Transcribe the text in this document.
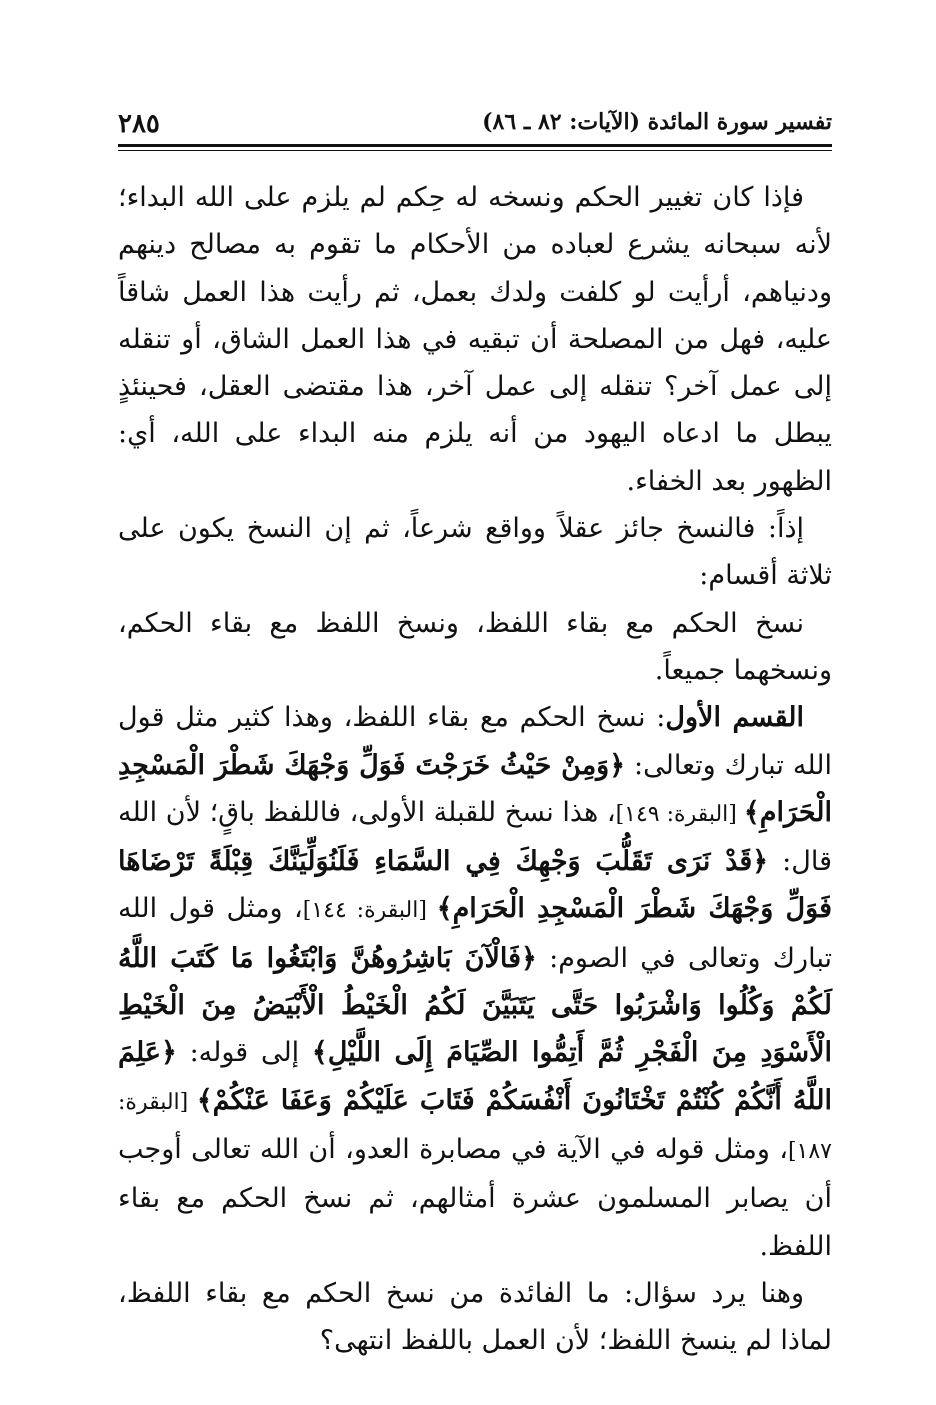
٢٨٥	تفسير سورة المائدة (الآيات: ٨٢ ـ ٨٦)

فإذا كان تغيير الحكم ونسخه له حِكم لم يلزم على الله البداء؛ لأنه سبحانه يشرع لعباده من الأحكام ما تقوم به مصالح دينهم ودنياهم، أرأيت لو كلفت ولدك بعمل، ثم رأيت هذا العمل شاقاً عليه، فهل من المصلحة أن تبقيه في هذا العمل الشاق، أو تنقله إلى عمل آخر؟ تنقله إلى عمل آخر، هذا مقتضى العقل، فحينئذٍ يبطل ما ادعاه اليهود من أنه يلزم منه البداء على الله، أي: الظهور بعد الخفاء.

إذاً: فالنسخ جائز عقلاً وواقع شرعاً، ثم إن النسخ يكون على ثلاثة أقسام:

نسخ الحكم مع بقاء اللفظ، ونسخ اللفظ مع بقاء الحكم، ونسخهما جميعاً.

القسم الأول: نسخ الحكم مع بقاء اللفظ، وهذا كثير مثل قول الله تبارك وتعالى: ﴿وَمِنْ حَيْثُ خَرَجْتَ فَوَلِّ وَجْهَكَ شَطْرَ الْمَسْجِدِ الْحَرَامِ﴾ [البقرة: ١٤٩]، هذا نسخ للقبلة الأولى، فاللفظ باقٍ؛ لأن الله قال: ﴿قَدْ نَرَى تَقَلُّبَ وَجْهِكَ فِي السَّمَاءِ فَلَنُوَلِّيَنَّكَ قِبْلَةً تَرْضَاهَا فَوَلِّ وَجْهَكَ شَطْرَ الْمَسْجِدِ الْحَرَامِ﴾ [البقرة: ١٤٤]، ومثل قول الله تبارك وتعالى في الصوم: ﴿فَالْآنَ بَاشِرُوهُنَّ وَابْتَغُوا مَا كَتَبَ اللَّهُ لَكُمْ وَكُلُوا وَاشْرَبُوا حَتَّى يَتَبَيَّنَ لَكُمُ الْخَيْطُ الْأَبْيَضُ مِنَ الْخَيْطِ الْأَسْوَدِ مِنَ الْفَجْرِ ثُمَّ أَتِمُّوا الصِّيَامَ إِلَى اللَّيْلِ﴾ إلى قوله: ﴿عَلِمَ اللَّهُ أَنَّكُمْ كُنْتُمْ تَخْتَانُونَ أَنْفُسَكُمْ فَتَابَ عَلَيْكُمْ وَعَفَا عَنْكُمْ﴾ [البقرة: ١٨٧]، ومثل قوله في الآية في مصابرة العدو، أن الله تعالى أوجب أن يصابر المسلمون عشرة أمثالهم، ثم نسخ الحكم مع بقاء اللفظ.

وهنا يرد سؤال: ما الفائدة من نسخ الحكم مع بقاء اللفظ، لماذا لم ينسخ اللفظ؛ لأن العمل باللفظ انتهى؟
